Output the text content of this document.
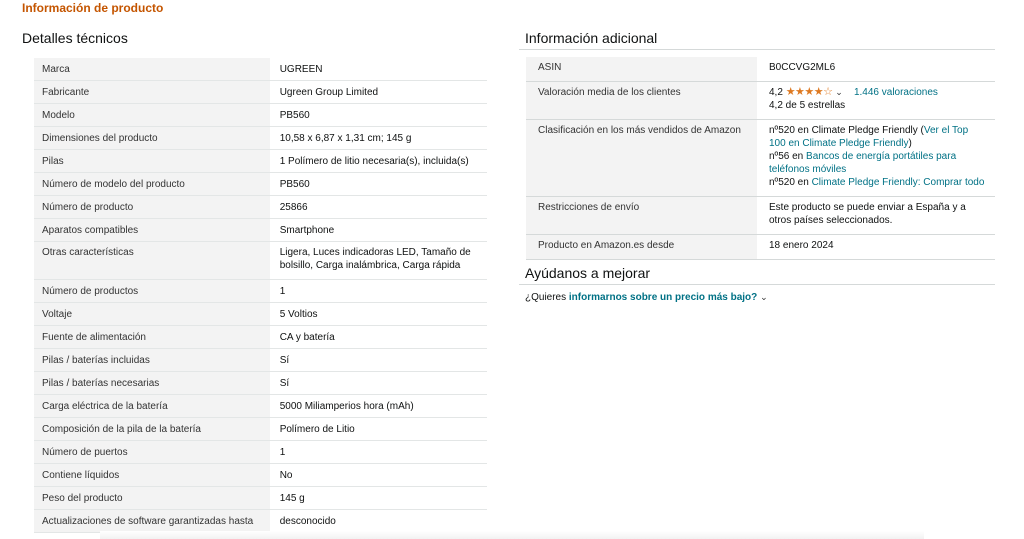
Información de producto
Detalles técnicos
Marca	UGREEN
Fabricante	Ugreen Group Limited
Modelo	PB560
Dimensiones del producto	10,58 x 6,87 x 1,31 cm; 145 g
Pilas	1 Polímero de litio necesaria(s), incluida(s)
Número de modelo del producto	PB560
Número de producto	25866
Aparatos compatibles	Smartphone
Otras características	Ligera, Luces indicadoras LED, Tamaño de bolsillo, Carga inalámbrica, Carga rápida
Número de productos	1
Voltaje	5 Voltios
Fuente de alimentación	CA y batería
Pilas / baterías incluidas	Sí
Pilas / baterías necesarias	Sí
Carga eléctrica de la batería	5000 Miliamperios hora (mAh)
Composición de la pila de la batería	Polímero de Litio
Número de puertos	1
Contiene líquidos	No
Peso del producto	145 g
Actualizaciones de software garantizadas hasta	desconocido
Información adicional
ASIN	B0CCVG2ML6
Valoración media de los clientes	4,2 ★★★★☆ ⌄ 1.446 valoraciones
4,2 de 5 estrellas
Clasificación en los más vendidos de Amazon	nº520 en Climate Pledge Friendly (Ver el Top 100 en Climate Pledge Friendly)
nº56 en Bancos de energía portátiles para teléfonos móviles
nº520 en Climate Pledge Friendly: Comprar todo
Restricciones de envío	Este producto se puede enviar a España y a otros países seleccionados.
Producto en Amazon.es desde	18 enero 2024
Ayúdanos a mejorar
¿Quieres informarnos sobre un precio más bajo? ⌄
